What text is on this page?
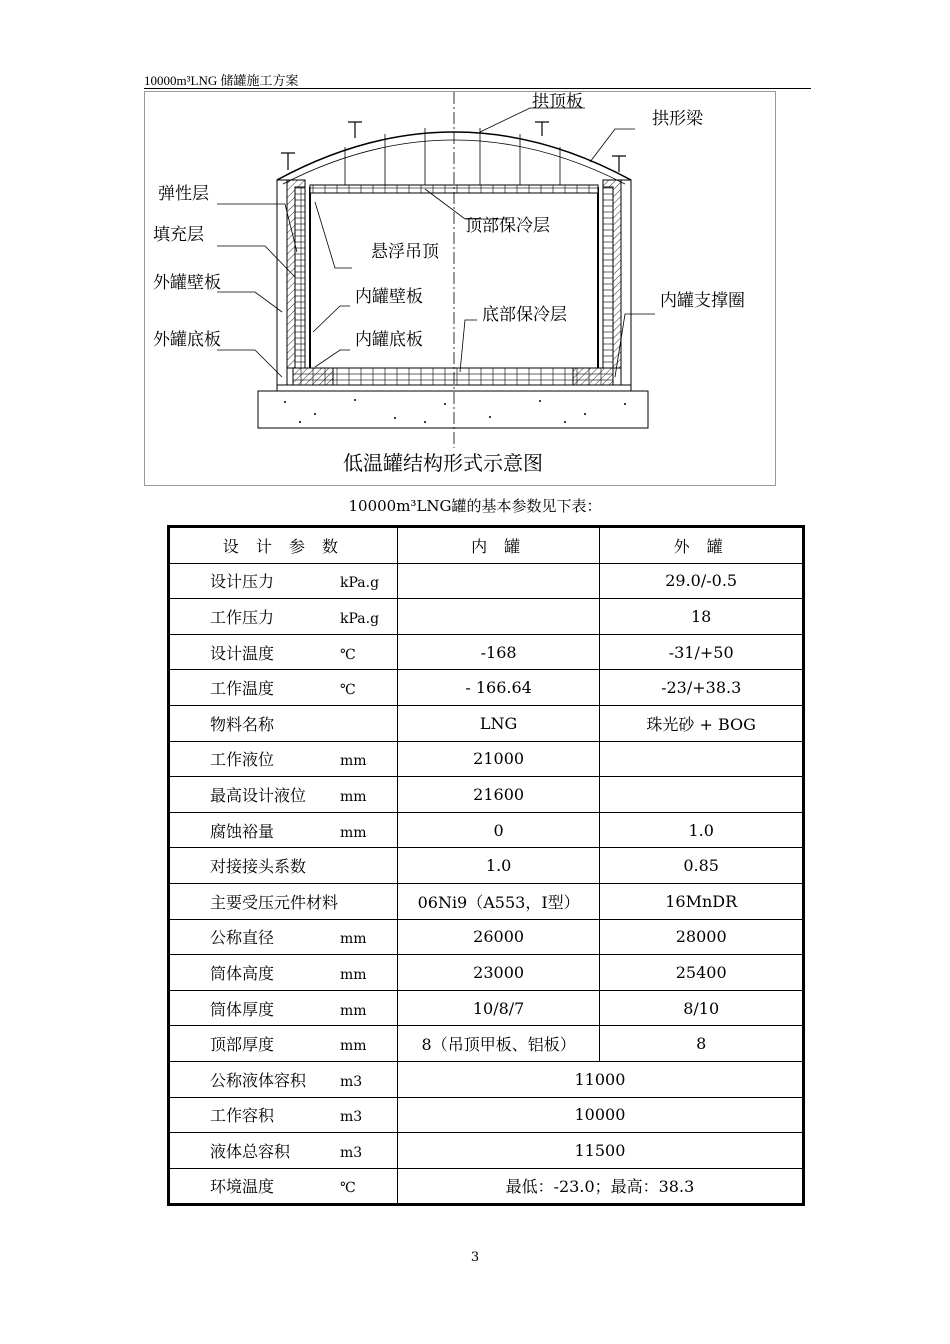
10000m³LNG 储罐施工方案
拱顶板
拱形梁
弹性层
填充层
外罐壁板
外罐底板
顶部保冷层
悬浮吊顶
内罐壁板
内罐底板
底部保冷层
内罐支撑圈
低温罐结构形式示意图
10000m³LNG罐的基本参数见下表：
设 计 参 数	内 罐	外 罐
设计压力 kPa.g		29.0/-0.5
工作压力 kPa.g		18
设计温度 ℃	-168	-31/+50
工作温度 ℃	- 166.64	-23/+38.3
物料名称	LNG	珠光砂 + BOG
工作液位 mm	21000	
最高设计液位 mm	21600	
腐蚀裕量 mm	0	1.0
对接接头系数	1.0	0.85
主要受压元件材料	06Ni9（A553，Ⅰ型）	16MnDR
公称直径 mm	26000	28000
筒体高度 mm	23000	25400
筒体厚度 mm	10/8/7	8/10
顶部厚度 mm	8（吊顶甲板、铝板）	8
公称液体容积 m3	11000	
工作容积 m3	10000	
液体总容积 m3	11500	
环境温度 ℃	最低：-23.0；最高：38.3	
3
